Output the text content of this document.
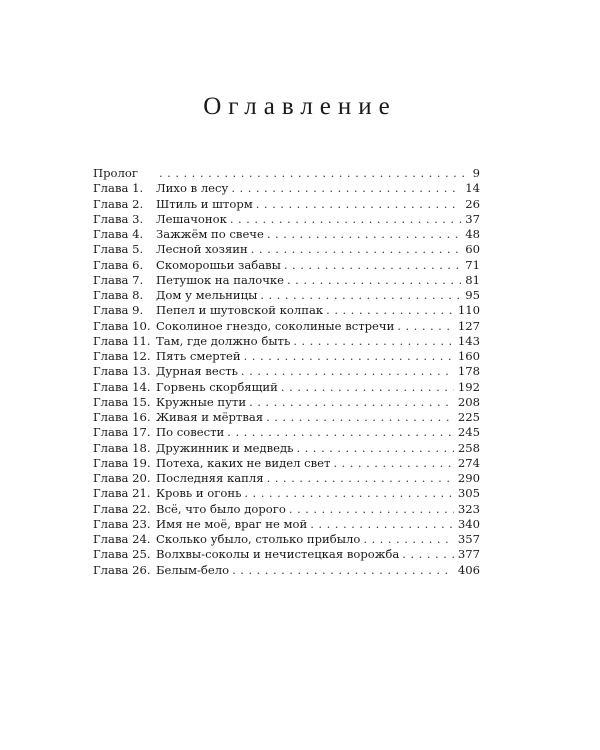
Оглавление
Пролог . . .	9
Глава 1.	Лихо в лесу . . .	14
Глава 2.	Штиль и шторм . . .	26
Глава 3.	Лешачонок . . .	37
Глава 4.	Зажжём по свече . . .	48
Глава 5.	Лесной хозяин . . .	60
Глава 6.	Скоморошьи забавы . . .	71
Глава 7.	Петушок на палочке . . .	81
Глава 8.	Дом у мельницы . . .	95
Глава 9.	Пепел и шутовской колпак . . .	110
Глава 10. Соколиное гнездо, соколиные встречи . . .	127
Глава 11. Там, где должно быть . . .	143
Глава 12. Пять смертей . . .	160
Глава 13. Дурная весть . . .	178
Глава 14. Горвень скорбящий . . .	192
Глава 15. Кружные пути . . .	208
Глава 16. Живая и мёртвая . . .	225
Глава 17. По совести . . .	245
Глава 18. Дружинник и медведь . . .	258
Глава 19. Потеха, каких не видел свет . . .	274
Глава 20. Последняя капля . . .	290
Глава 21. Кровь и огонь . . .	305
Глава 22. Всё, что было дорого . . .	323
Глава 23. Имя не моё, враг не мой . . .	340
Глава 24. Сколько убыло, столько прибыло . . .	357
Глава 25. Волхвы-соколы и нечистецкая ворожба . . .	377
Глава 26. Белым-бело . . .	406
